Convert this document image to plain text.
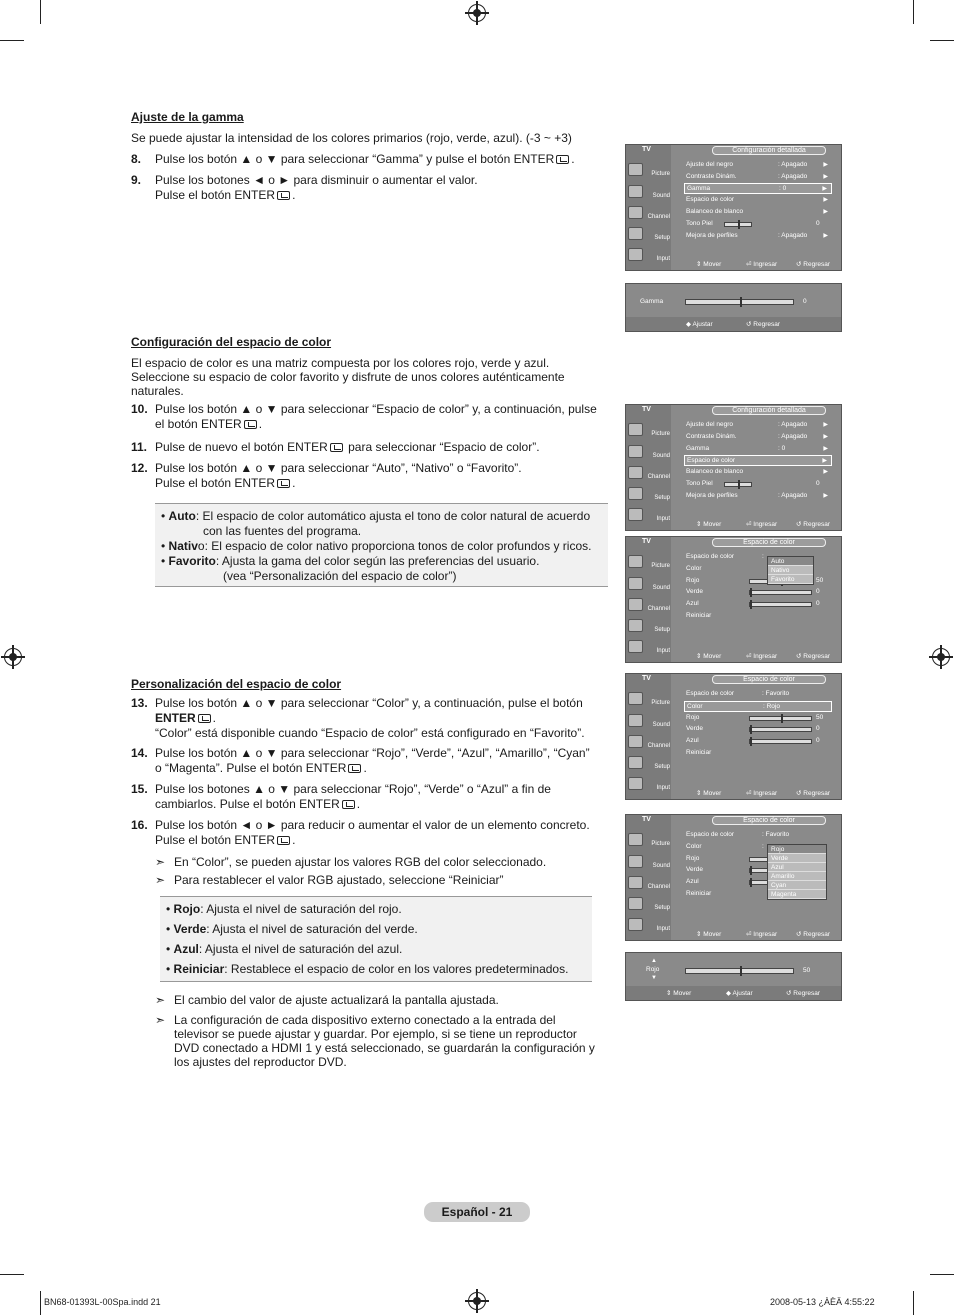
Ajuste de la gamma
Se puede ajustar la intensidad de los colores primarios (rojo, verde, azul). (-3 ~ +3)
8.	Pulse los botón ▲ o ▼ para seleccionar “Gamma” y pulse el botón ENTER .
9.	Pulse los botones ◄ o ► para disminuir o aumentar el valor.
Pulse el botón ENTER .
Configuración del espacio de color
El espacio de color es una matriz compuesta por los colores rojo, verde y azul.
Seleccione su espacio de color favorito y disfrute de unos colores auténticamente
naturales.
10. Pulse los botón ▲ o ▼ para seleccionar “Espacio de color” y, a continuación, pulse
el botón ENTER .
11. Pulse de nuevo el botón ENTER para seleccionar “Espacio de color”.
12. Pulse los botón ▲ o ▼ para seleccionar “Auto”, “Nativo” o “Favorito”.
Pulse el botón ENTER .
• Auto: El espacio de color automático ajusta el tono de color natural de acuerdo
con las fuentes del programa.
• Nativo: El espacio de color nativo proporciona tonos de color profundos y ricos.
• Favorito: Ajusta la gama del color según las preferencias del usuario.
(vea “Personalización del espacio de color”)
Personalización del espacio de color
13. Pulse los botón ▲ o ▼ para seleccionar “Color” y, a continuación, pulse el botón
ENTER .
“Color” está disponible cuando “Espacio de color” está configurado en “Favorito”.
14. Pulse los botón ▲ o ▼ para seleccionar “Rojo”, “Verde”, “Azul”, “Amarillo”, “Cyan”
o “Magenta”. Pulse el botón ENTER .
15. Pulse los botones ▲ o ▼ para seleccionar “Rojo”, “Verde” o “Azul” a fin de
cambiarlos. Pulse el botón ENTER .
16. Pulse los botón ◄ o ► para reducir o aumentar el valor de un elemento concreto.
Pulse el botón ENTER .
➣ En “Color”, se pueden ajustar los valores RGB del color seleccionado.
➣ Para restablecer el valor RGB ajustado, seleccione “Reiniciar”
• Rojo: Ajusta el nivel de saturación del rojo.
• Verde: Ajusta el nivel de saturación del verde.
• Azul: Ajusta el nivel de saturación del azul.
• Reiniciar: Restablece el espacio de color en los valores predeterminados.
➣ El cambio del valor de ajuste actualizará la pantalla ajustada.
➣ La configuración de cada dispositivo externo conectado a la entrada del
televisor se puede ajustar y guardar. Por ejemplo, si se tiene un reproductor
DVD conectado a HDMI 1 y está seleccionado, se guardarán la configuración y
los ajustes del reproductor DVD.
TV	Configuración detallada
Picture
Sound
Channel
Setup
Input
Ajuste del negro	: Apagado	▶
Contraste Dinám.	: Apagado	▶
Gamma	: 0	▶
Espacio de color	▶
Balanceo de blanco	▶
Tono Piel	0
Mejora de perfiles	: Apagado	▶
⇕ Mover	⏎ Ingresar	↺ Regresar
Gamma	0
◆ Ajustar	↺ Regresar
TV	Configuración detallada
Picture
Sound
Channel
Setup
Input
Ajuste del negro	: Apagado	▶
Contraste Dinám.	: Apagado	▶
Gamma	: 0	▶
Espacio de color	▶
Balanceo de blanco	▶
Tono Piel	0
Mejora de perfiles	: Apagado	▶
⇕ Mover	⏎ Ingresar	↺ Regresar
TV	Espacio de color
Picture
Sound
Channel
Setup
Input
Espacio de color	:
Color
Rojo	50
Verde	0
Azul	0
Reiniciar
Auto
Nativo
Favorito
⇕ Mover	⏎ Ingresar	↺ Regresar
TV	Espacio de color
Picture
Sound
Channel
Setup
Input
Espacio de color	: Favorito
Color	: Rojo
Rojo	50
Verde	0
Azul	0
Reiniciar
⇕ Mover	⏎ Ingresar	↺ Regresar
TV	Espacio de color
Picture
Sound
Channel
Setup
Input
Espacio de color	: Favorito
Color	:
Rojo
Verde
Azul
Reiniciar
Rojo
Verde
Azul
Amarillo
Cyan
Magenta
⇕ Mover	⏎ Ingresar	↺ Regresar
▲
Rojo
▼
50
⇕ Mover	◆ Ajustar	↺ Regresar
Español - 21
BN68-01393L-00Spa.indd 21	2008-05-13 ¿ÀÈÄ 4:55:22
